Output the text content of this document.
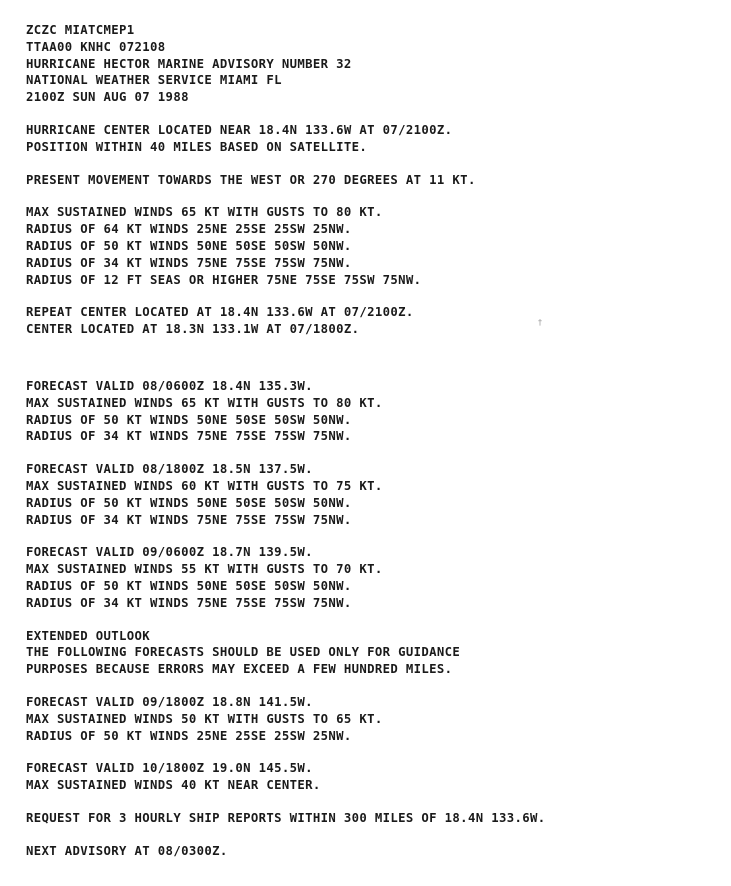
ZCZC MIATCMEP1
TTAA00 KNHC 072108
HURRICANE HECTOR MARINE ADVISORY NUMBER 32
NATIONAL WEATHER SERVICE MIAMI FL
2100Z SUN AUG 07 1988
HURRICANE CENTER LOCATED NEAR 18.4N 133.6W AT 07/2100Z.
POSITION WITHIN 40 MILES BASED ON SATELLITE.
PRESENT MOVEMENT TOWARDS THE WEST OR 270 DEGREES AT 11 KT.
MAX SUSTAINED WINDS 65 KT WITH GUSTS TO 80 KT.
RADIUS OF 64 KT WINDS 25NE 25SE 25SW 25NW.
RADIUS OF 50 KT WINDS 50NE 50SE 50SW 50NW.
RADIUS OF 34 KT WINDS 75NE 75SE 75SW 75NW.
RADIUS OF 12 FT SEAS OR HIGHER 75NE 75SE 75SW 75NW.
REPEAT CENTER LOCATED AT 18.4N 133.6W AT 07/2100Z.
CENTER LOCATED AT 18.3N 133.1W AT 07/1800Z.
FORECAST VALID 08/0600Z 18.4N 135.3W.
MAX SUSTAINED WINDS 65 KT WITH GUSTS TO 80 KT.
RADIUS OF 50 KT WINDS 50NE 50SE 50SW 50NW.
RADIUS OF 34 KT WINDS 75NE 75SE 75SW 75NW.
FORECAST VALID 08/1800Z 18.5N 137.5W.
MAX SUSTAINED WINDS 60 KT WITH GUSTS TO 75 KT.
RADIUS OF 50 KT WINDS 50NE 50SE 50SW 50NW.
RADIUS OF 34 KT WINDS 75NE 75SE 75SW 75NW.
FORECAST VALID 09/0600Z 18.7N 139.5W.
MAX SUSTAINED WINDS 55 KT WITH GUSTS TO 70 KT.
RADIUS OF 50 KT WINDS 50NE 50SE 50SW 50NW.
RADIUS OF 34 KT WINDS 75NE 75SE 75SW 75NW.
EXTENDED OUTLOOK
THE FOLLOWING FORECASTS SHOULD BE USED ONLY FOR GUIDANCE
PURPOSES BECAUSE ERRORS MAY EXCEED A FEW HUNDRED MILES.
FORECAST VALID 09/1800Z 18.8N 141.5W.
MAX SUSTAINED WINDS 50 KT WITH GUSTS TO 65 KT.
RADIUS OF 50 KT WINDS 25NE 25SE 25SW 25NW.
FORECAST VALID 10/1800Z 19.0N 145.5W.
MAX SUSTAINED WINDS 40 KT NEAR CENTER.
REQUEST FOR 3 HOURLY SHIP REPORTS WITHIN 300 MILES OF 18.4N 133.6W.
NEXT ADVISORY AT 08/0300Z.
†
